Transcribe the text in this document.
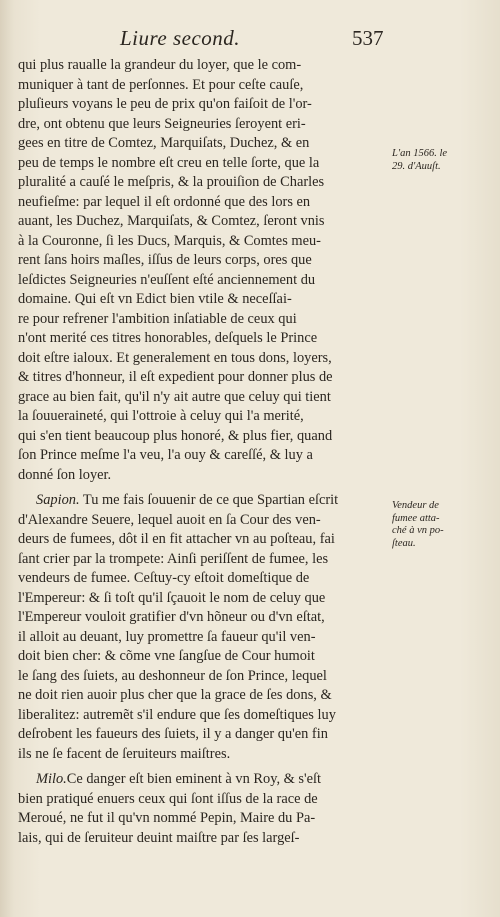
Liure second.	537
qui plus raualle la grandeur du loyer, que le com-
muniquer à tant de perſonnes. Et pour ceſte cauſe,
pluſieurs voyans le peu de prix qu'on faiſoit de l'or-
dre, ont obtenu que leurs Seigneuries ſeroyent eri-
gees en titre de Comtez, Marquiſats, Duchez, & en
peu de temps le nombre eſt creu en telle ſorte, que la
pluralité a cauſé le meſpris, & la prouiſion de Charles
neufieſme: par lequel il eſt ordonné que des lors en
auant, les Duchez, Marquiſats, & Comtez, ſeront vnis
à la Couronne, ſi les Ducs, Marquis, & Comtes meu-
rent ſans hoirs maſles, iſſus de leurs corps, ores que
leſdictes Seigneuries n'euſſent eſté anciennement du
domaine. Qui eſt vn Edict bien vtile & neceſſai-
re pour refrener l'ambition inſatiable de ceux qui
n'ont merité ces titres honorables, deſquels le Prince
doit eſtre ialoux. Et generalement en tous dons, loyers,
& titres d'honneur, il eſt expedient pour donner plus de
grace au bien fait, qu'il n'y ait autre que celuy qui tient
la ſouueraineté, qui l'ottroie à celuy qui l'a merité,
qui s'en tient beaucoup plus honoré, & plus fier, quand
ſon Prince meſme l'a veu, l'a ouy & careſſé, & luy a
donné ſon loyer.
Sapion. Tu me fais ſouuenir de ce que Spartian eſcrit
d'Alexandre Seuere, lequel auoit en ſa Cour des ven-
deurs de fumees, dôt il en fit attacher vn au poſteau, fai
ſant crier par la trompete: Ainſi periſſent de fumee, les
vendeurs de fumee. Ceſtuy-cy eſtoit domeſtique de
l'Empereur: & ſi toſt qu'il ſçauoit le nom de celuy que
l'Empereur vouloit gratifier d'vn hõneur ou d'vn eſtat,
il alloit au deuant, luy promettre ſa faueur qu'il ven-
doit bien cher: & cõme vne ſangſue de Cour humoit
le ſang des ſuiets, au deshonneur de ſon Prince, lequel
ne doit rien auoir plus cher que la grace de ſes dons, &
liberalitez: autremẽt s'il endure que ſes domeſtiques luy
deſrobent les faueurs des ſuiets, il y a danger qu'en fin
ils ne ſe facent de ſeruiteurs maiſtres.
Milo.Ce danger eſt bien eminent à vn Roy, & s'eſt
bien pratiqué enuers ceux qui ſont iſſus de la race de
Meroué, ne fut il qu'vn nommé Pepin, Maire du Pa-
lais, qui de ſeruiteur deuint maiſtre par ſes largeſ-
L'an 1566. le
29. d'Auuſt.
Vendeur de
fumee atta-
ché à vn po-
ſteau.
